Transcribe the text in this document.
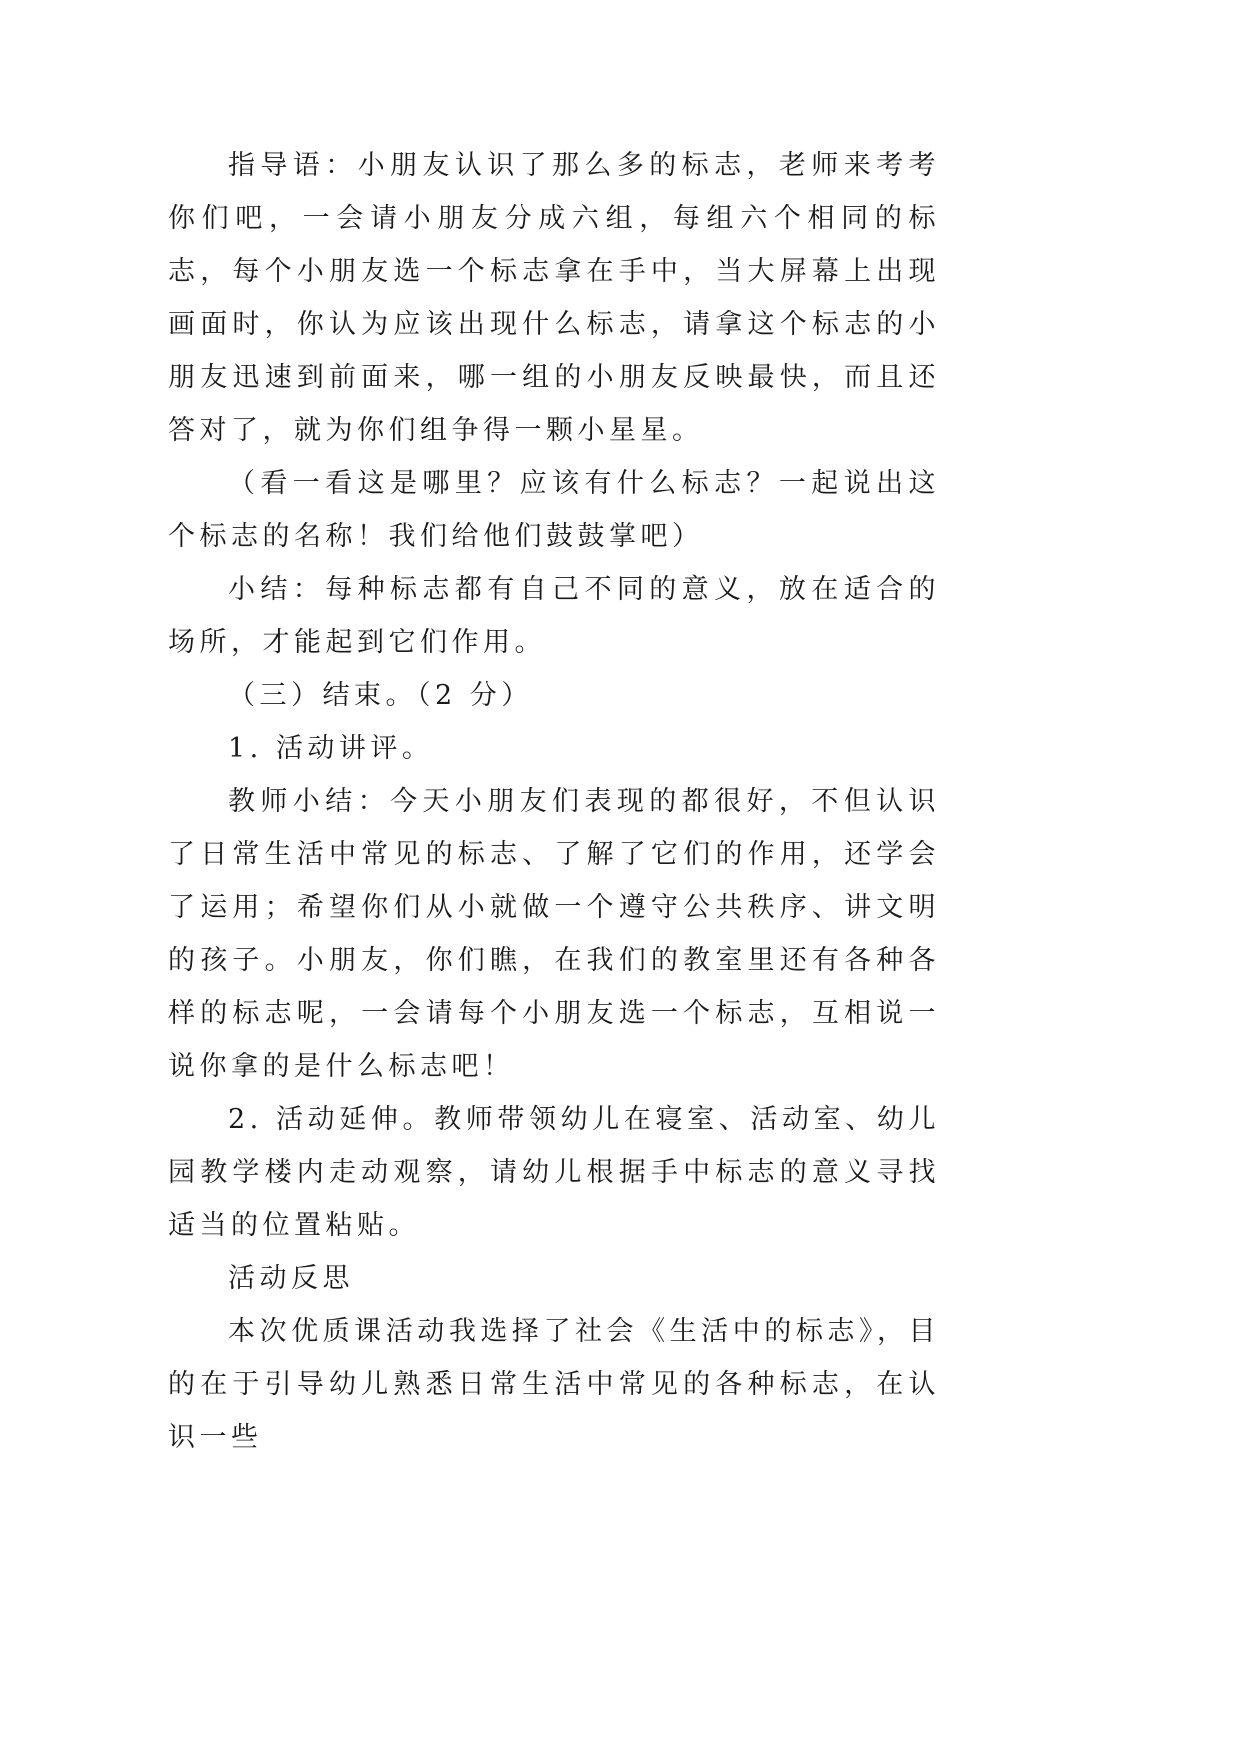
指导语：小朋友认识了那么多的标志，老师来考考你们吧，一会请小朋友分成六组，每组六个相同的标志，每个小朋友选一个标志拿在手中，当大屏幕上出现画面时，你认为应该出现什么标志，请拿这个标志的小朋友迅速到前面来，哪一组的小朋友反映最快，而且还答对了，就为你们组争得一颗小星星。

（看一看这是哪里？应该有什么标志？一起说出这个标志的名称！我们给他们鼓鼓掌吧）

小结：每种标志都有自己不同的意义，放在适合的场所，才能起到它们作用。

（三）结束。（2 分）

1. 活动讲评。

教师小结：今天小朋友们表现的都很好，不但认识了日常生活中常见的标志、了解了它们的作用，还学会了运用；希望你们从小就做一个遵守公共秩序、讲文明的孩子。小朋友，你们瞧，在我们的教室里还有各种各样的标志呢，一会请每个小朋友选一个标志，互相说一说你拿的是什么标志吧！

2. 活动延伸。教师带领幼儿在寝室、活动室、幼儿园教学楼内走动观察，请幼儿根据手中标志的意义寻找适当的位置粘贴。

活动反思

本次优质课活动我选择了社会《生活中的标志》，目的在于引导幼儿熟悉日常生活中常见的各种标志，在认识一些
